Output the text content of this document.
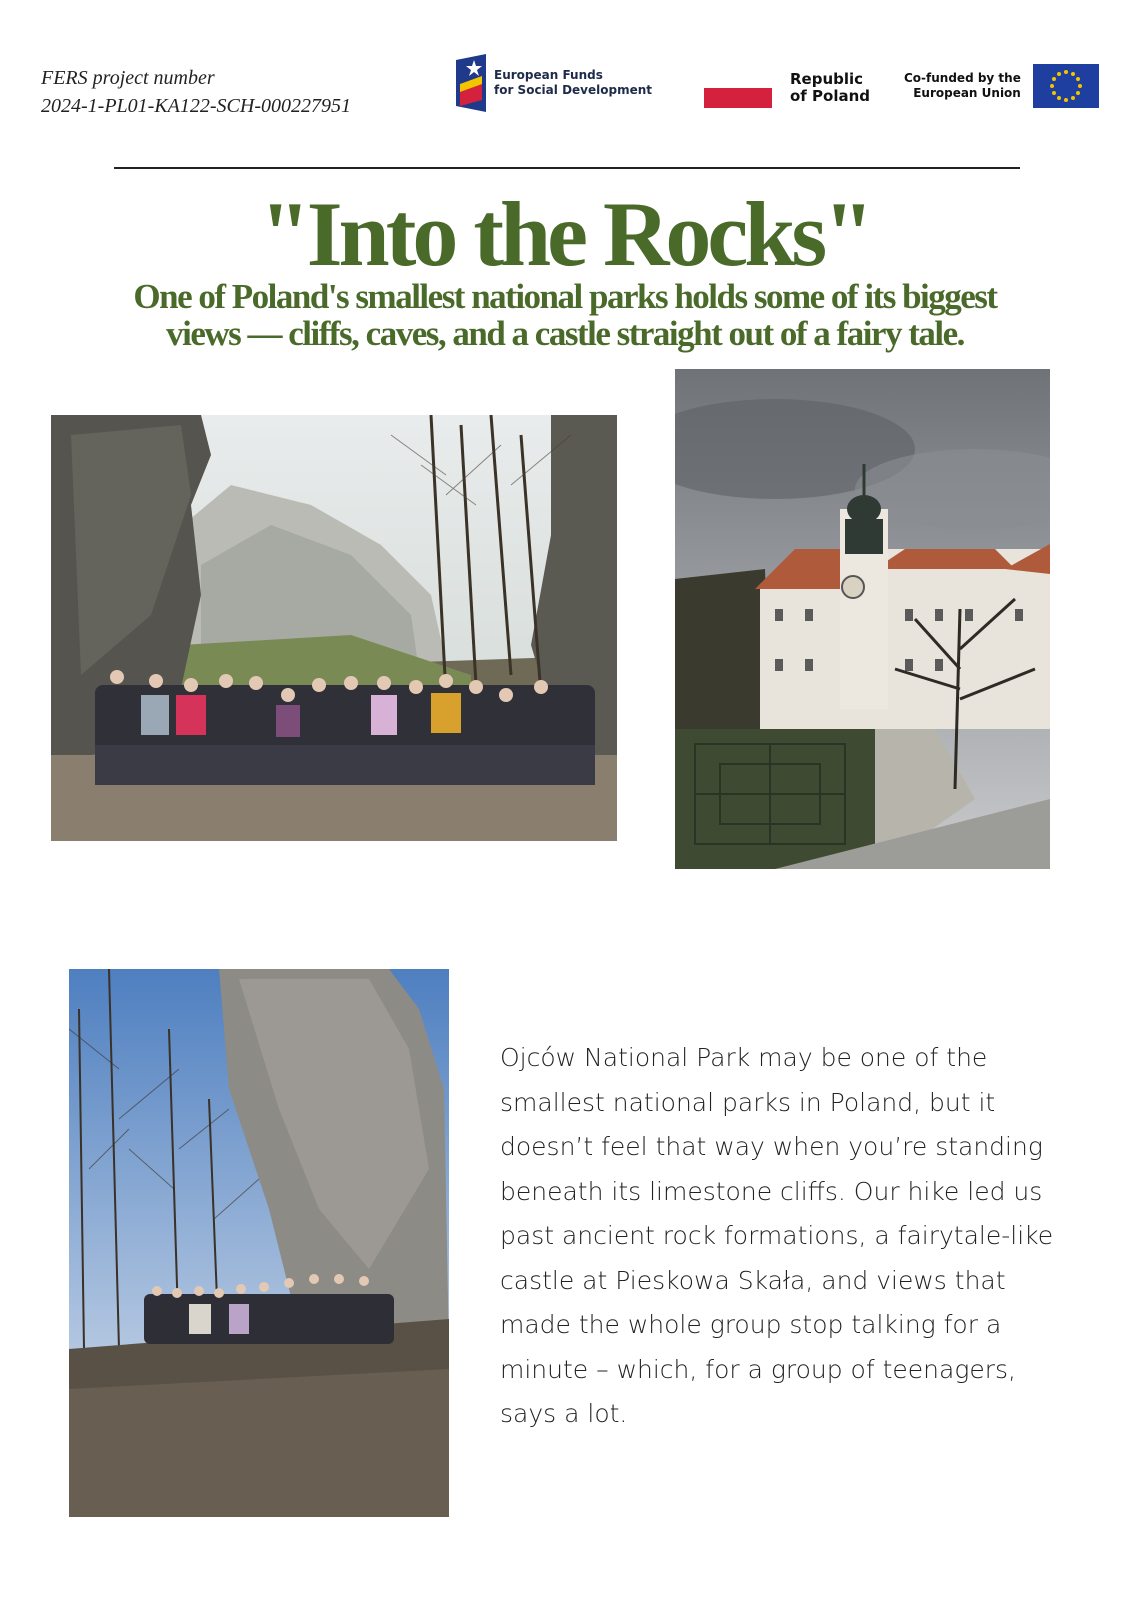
FERS project number
2024-1-PL01-KA122-SCH-000227951
European Funds
for Social Development
Republic
of Poland
Co-funded by the
European Union
"Into the Rocks"
One of Poland's smallest national parks holds some of its biggest views — cliffs, caves, and a castle straight out of a fairy tale.
Ojców National Park may be one of the smallest national parks in Poland, but it doesn’t feel that way when you’re standing beneath its limestone cliffs. Our hike led us past ancient rock formations, a fairytale-like castle at Pieskowa Skała, and views that made the whole group stop talking for a minute – which, for a group of teenagers, says a lot.
